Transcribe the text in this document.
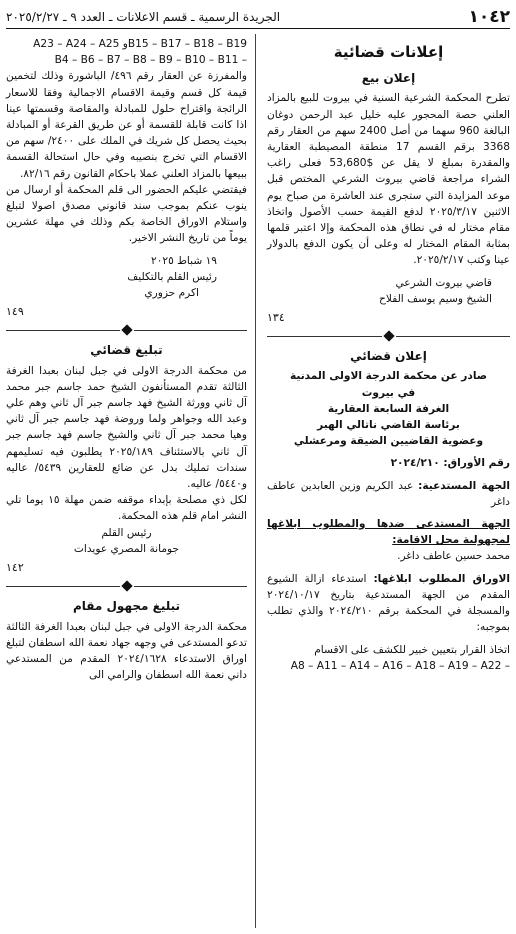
١٠٤٢
الجريدة الرسمية ـ قسم الاعلانات ـ العدد ٩ ـ ٢٠٢٥/٢/٢٧
إعلانات قضائية
إعلان بيع

تطرح المحكمة الشرعية السنية في بيروت للبيع بالمزاد العلني حصة المحجور عليه خليل عبد الرحمن دوغان البالغة 960 سهما من أصل 2400 سهم من العقار رقم 3368 برقم القسم 17 منطقة المصيطبة العقارية والمقدرة بمبلغ لا يقل عن $53,680 فعلى راغب الشراء مراجعة قاضي بيروت الشرعي المختص قبل موعد المزايدة التي ستجرى عند العاشرة من صباح يوم الاثنين ٢٠٢٥/٣/١٧ لدفع القيمة حسب الأصول واتخاذ مقام مختار له في نطاق هذه المحكمة وإلا اعتبر قلمها بمثابة المقام المختار له وعلى أن يكون الدفع بالدولار عينا وكتب ٢٠٢٥/٢/١٧.

قاضي بيروت الشرعي

الشيخ وسيم يوسف الفلاح

١٣٤
إعلان قضائي

صادر عن محكمة الدرجة الاولى المدنية

في بيروت

الغرفة السابعة العقارية

برئاسة القاضي ناتالي الهبر

وعضوية القاضيين الضيقة ومرعشلي

رقم الأوراق: ٢٠٢٤/٢١٠

الجهة المستدعية: عبد الكريم وزين العابدين عاطف داغر

الجهة المستدعى ضدها والمطلوب ابلاغها لمجهولية محل الاقامة:

محمد حسين عاطف داغر.

الاوراق المطلوب ابلاغها: استدعاء ازالة الشيوع المقدم من الجهة المستدعية بتاريخ ٢٠٢٤/١٠/١٧ والمسجلة في المحكمة برقم ٢٠٢٤/٢١٠ والذي تطلب بموجبه:

اتخاذ القرار بتعيين خبير للكشف على الاقسام

A8 – A11 – A14 – A16 – A18 – A19 – A22 –

A23 – A24 – A25 وB15 – B17 – B18 – B19

B4 – B6 – B7 – B8 – B9 – B10 – B11 –

والمفرزة عن العقار رقم ٤٩٦/ الباشورة وذلك لتخمين قيمة كل قسم وقيمة الاقسام الاجمالية وفقا للاسعار الرائجة واقتراح حلول للمبادلة والمقاصة وقسمتها عينا اذا كانت قابلة للقسمة أو عن طريق القرعة أو المبادلة بحيث يحصل كل شريك في الملك على ٢٤٠٠/ سهم من الاقسام التي تخرج بنصيبه وفي حال استحالة القسمة ببيعها بالمزاد العلني عملا باحكام القانون رقم ٨٢/١٦.

فيقتضي عليكم الحضور الى قلم المحكمة أو ارسال من ينوب عنكم بموجب سند قانوني مصدق اصولا لتبلغ واستلام الاوراق الخاصة بكم وذلك في مهلة عشرين يوماً من تاريخ النشر الاخير.

١٩ شباط ٢٠٢٥

رئيس القلم بالتكليف

اكرم حزوري

١٤٩
تبليغ قضائي

من محكمة الدرجة الاولى في جبل لبنان بعبدا الغرفة الثالثة تقدم المستأنفون الشيخ حمد جاسم جبر محمد آل ثاني وورثة الشيخ فهد جاسم جبر آل ثاني وهم علي وعبد الله وجواهر ولما وروضة فهد جاسم جبر آل ثاني وهيا محمد جبر آل ثاني والشيخ جاسم فهد جاسم جبر آل ثاني بالاستئناف ٢٠٢٥/١٨٩ يطلبون فيه تسليمهم سندات تمليك بدل عن ضائع للعقارين ٥٤٣٩/ عاليه و٥٤٤٠/ عاليه.

لكل ذي مصلحة بإبداء موقفه ضمن مهلة ١٥ يوما تلي النشر امام قلم هذه المحكمة.

رئيس القلم

جومانة المصري عويدات

١٤٢
تبليغ مجهول مقام

محكمة الدرجة الاولى في جبل لبنان بعبدا الغرفة الثالثة تدعو المستدعى في وجهه جهاد نعمة الله اسطفان لتبلغ اوراق الاستدعاء ٢٠٢٤/١٦٢٨ المقدم من المستدعي داني نعمة الله اسطفان والرامي الى
